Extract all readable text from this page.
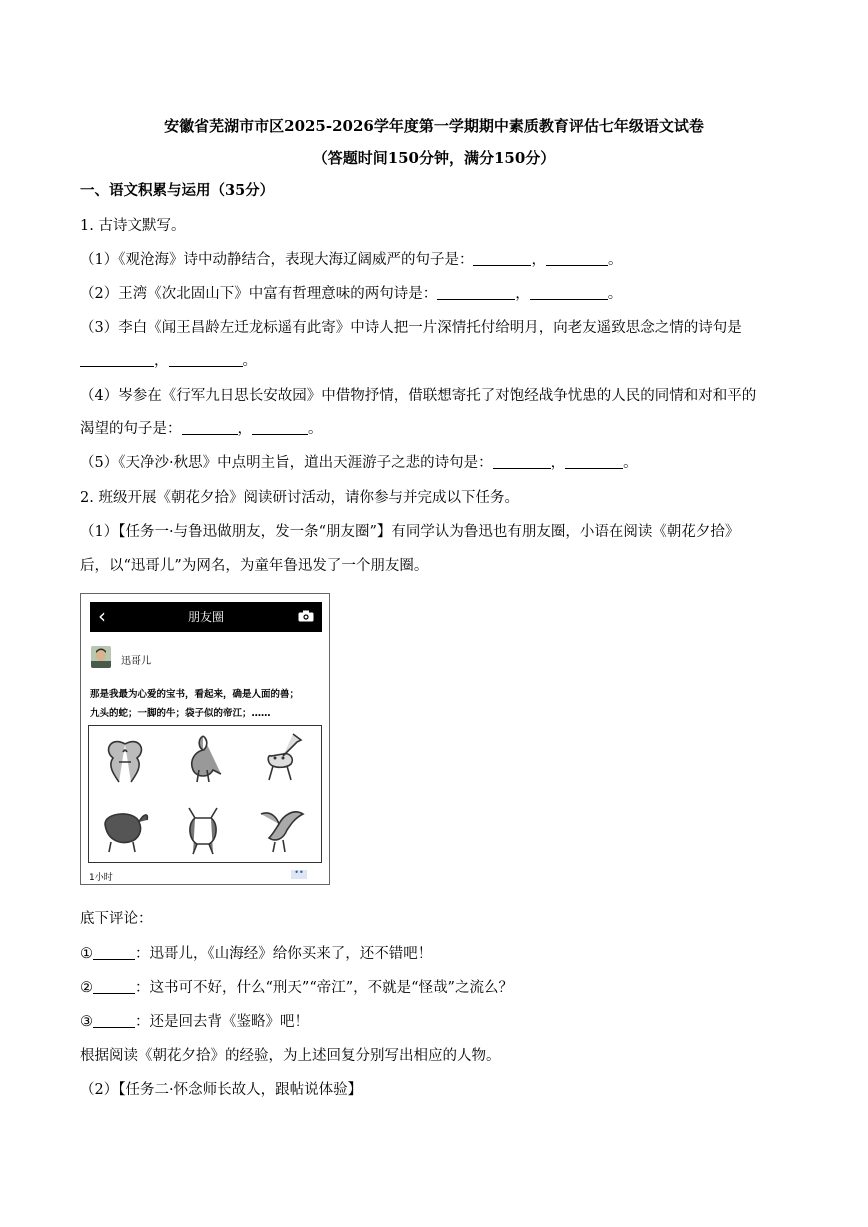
安徽省芜湖市市区2025-2026学年度第一学期期中素质教育评估七年级语文试卷
（答题时间150分钟，满分150分）
一、语文积累与运用（35分）
1. 古诗文默写。
（1）《观沧海》诗中动静结合，表现大海辽阔威严的句子是：	，	。
（2）王湾《次北固山下》中富有哲理意味的两句诗是：	，	。
（3）李白《闻王昌龄左迁龙标遥有此寄》中诗人把一片深情托付给明月，向老友遥致思念之情的诗句是
，	。
（4）岑参在《行军九日思长安故园》中借物抒情，借联想寄托了对饱经战争忧患的人民的同情和对和平的
渴望的句子是：	，	。
（5）《天净沙·秋思》中点明主旨，道出天涯游子之悲的诗句是：	，	。
2. 班级开展《朝花夕拾》阅读研讨活动，请你参与并完成以下任务。
（1）【任务一·与鲁迅做朋友，发一条“朋友圈”】有同学认为鲁迅也有朋友圈，小语在阅读《朝花夕拾》
后，以“迅哥儿”为网名，为童年鲁迅发了一个朋友圈。
‹	朋友圈
迅哥儿
那是我最为心爱的宝书，看起来，确是人面的兽；
九头的蛇；一脚的牛；袋子似的帝江；……
1小时
••
底下评论：
①	：迅哥儿，《山海经》给你买来了，还不错吧！
②	：这书可不好，什么“刑天”“帝江”，不就是“怪哉”之流么？
③	：还是回去背《鉴略》吧！
根据阅读《朝花夕拾》的经验，为上述回复分别写出相应的人物。
（2）【任务二·怀念师长故人，跟帖说体验】
